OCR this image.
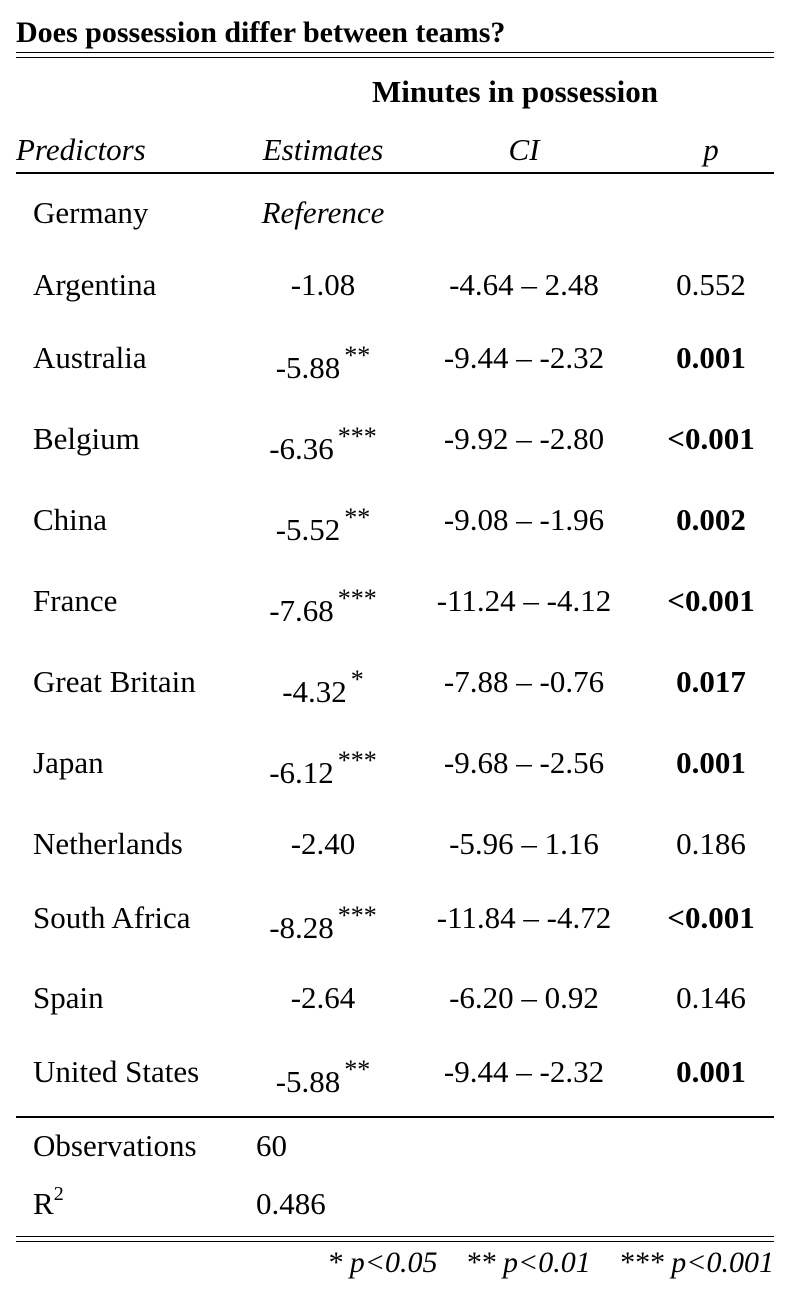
Does possession differ between teams?
Minutes in possession
Predictors	Estimates	CI	p
Germany	Reference
Argentina	-1.08	-4.64 – 2.48	0.552
Australia	-5.88 **	-9.44 – -2.32	0.001
Belgium	-6.36 ***	-9.92 – -2.80	<0.001
China	-5.52 **	-9.08 – -1.96	0.002
France	-7.68 ***	-11.24 – -4.12	<0.001
Great Britain	-4.32 *	-7.88 – -0.76	0.017
Japan	-6.12 ***	-9.68 – -2.56	0.001
Netherlands	-2.40	-5.96 – 1.16	0.186
South Africa	-8.28 ***	-11.84 – -4.72	<0.001
Spain	-2.64	-6.20 – 0.92	0.146
United States	-5.88 **	-9.44 – -2.32	0.001
Observations 60
$R^2$	0.486
* p<0.05 ** p<0.01 *** p<0.001
